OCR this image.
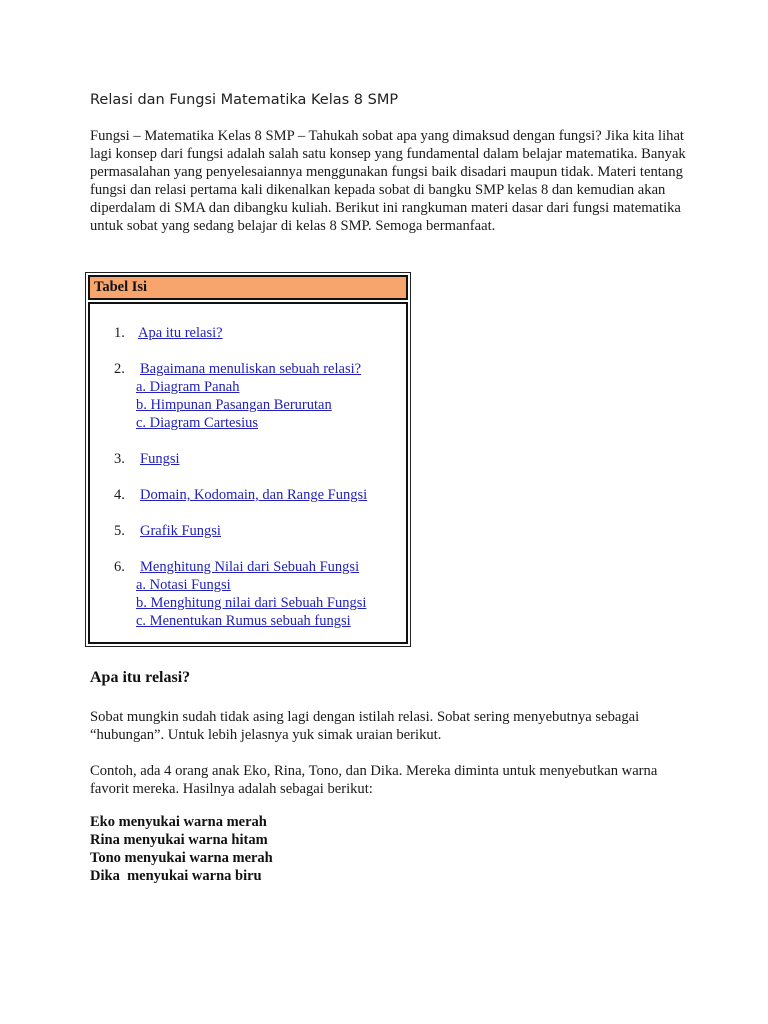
Relasi dan Fungsi Matematika Kelas 8 SMP

Fungsi – Matematika Kelas 8 SMP – Tahukah sobat apa yang dimaksud dengan fungsi? Jika kita lihat lagi konsep dari fungsi adalah salah satu konsep yang fundamental dalam belajar matematika. Banyak permasalahan yang penyelesaiannya menggunakan fungsi baik disadari maupun tidak. Materi tentang fungsi dan relasi pertama kali dikenalkan kepada sobat di bangku SMP kelas 8 dan kemudian akan diperdalam di SMA dan dibangku kuliah. Berikut ini rangkuman materi dasar dari fungsi matematika untuk sobat yang sedang belajar di kelas 8 SMP. Semoga bermanfaat.

Tabel Isi
1. Apa itu relasi?
2.	Bagaimana menuliskan sebuah relasi?
a. Diagram Panah
b. Himpunan Pasangan Berurutan
c. Diagram Cartesius
3.	Fungsi
4.	Domain, Kodomain, dan Range Fungsi
5.	Grafik Fungsi
6.	Menghitung Nilai dari Sebuah Fungsi
a. Notasi Fungsi
b. Menghitung nilai dari Sebuah Fungsi
c. Menentukan Rumus sebuah fungsi
Apa itu relasi?

Sobat mungkin sudah tidak asing lagi dengan istilah relasi. Sobat sering menyebutnya sebagai “hubungan”. Untuk lebih jelasnya yuk simak uraian berikut.

Contoh, ada 4 orang anak Eko, Rina, Tono, dan Dika. Mereka diminta untuk menyebutkan warna favorit mereka. Hasilnya adalah sebagai berikut:

Eko menyukai warna merah
Rina menyukai warna hitam
Tono menyukai warna merah
Dika  menyukai warna biru
